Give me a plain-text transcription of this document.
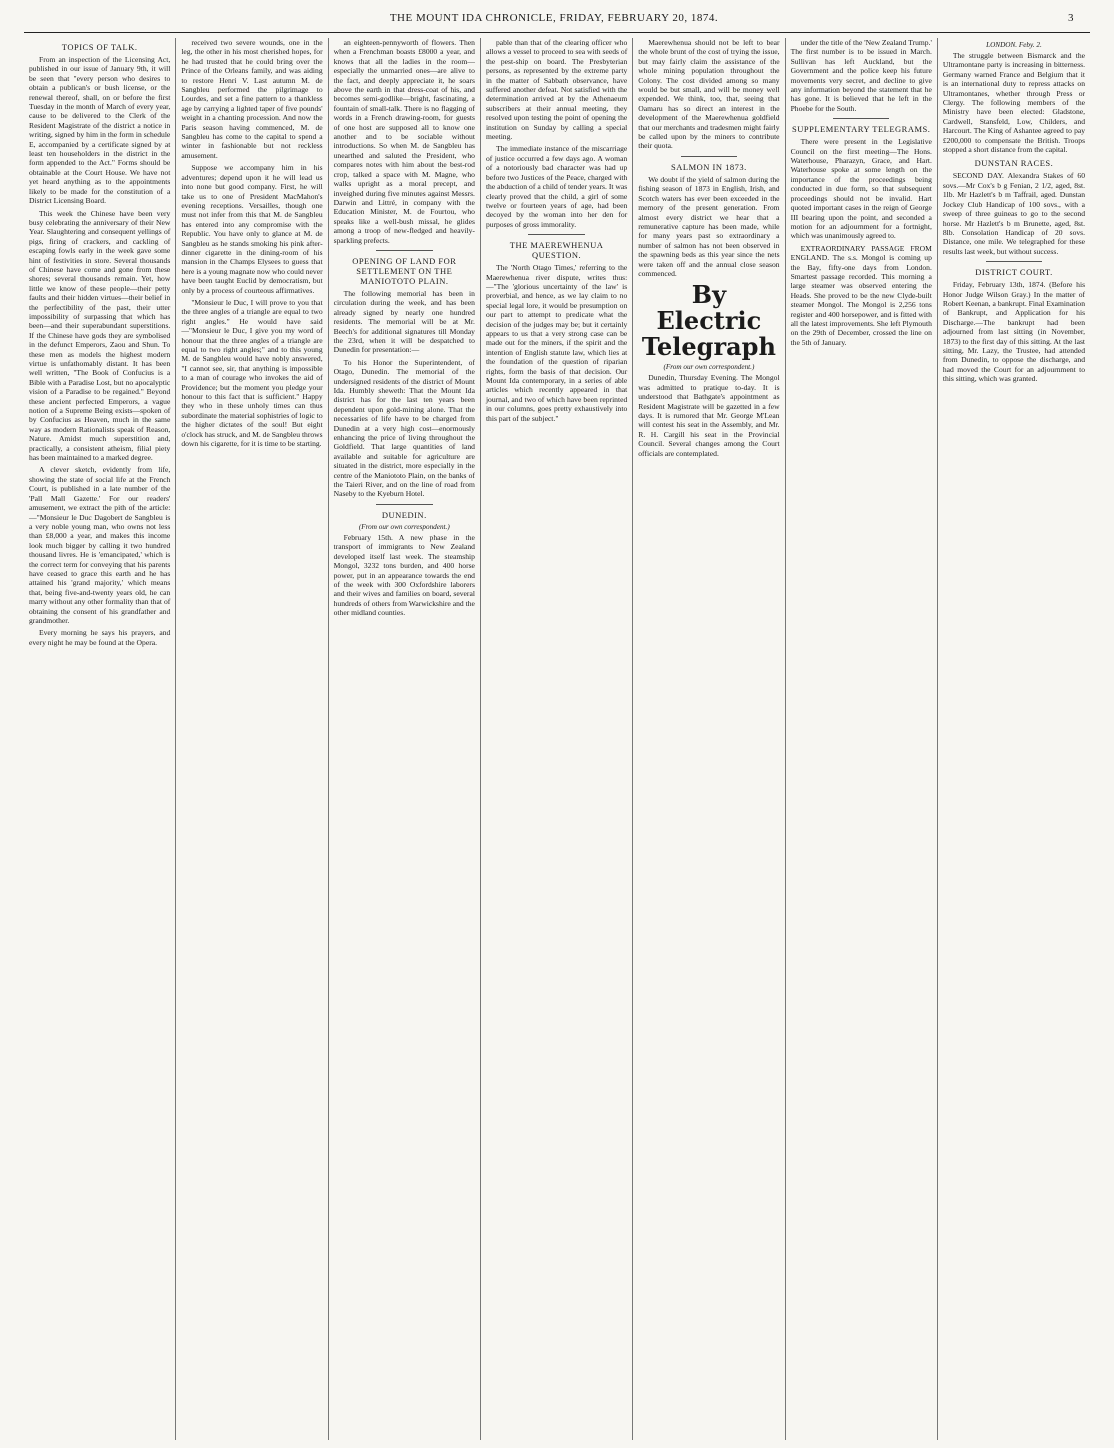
THE MOUNT IDA CHRONICLE, FRIDAY, FEBRUARY 20, 1874.	3
TOPICS OF TALK.

From an inspection of the Licensing Act, published in our issue of January 9th, it will be seen that "every person who desires to obtain a publican's or bush license, or the renewal thereof, shall, on or before the first Tuesday in the month of March of every year, cause to be delivered to the Clerk of the Resident Magistrate of the district a notice in writing, signed by him in the form in schedule E, accompanied by a certificate signed by at least ten householders in the district in the form appended to the Act." Forms should be obtainable at the Court House. We have not yet heard anything as to the appointments likely to be made for the constitution of a District Licensing Board.

This week the Chinese have been very busy celebrating the anniversary of their New Year. Slaughtering and consequent yellings of pigs, firing of crackers, and cackling of escaping fowls early in the week gave some hint of festivities in store. Several thousands of Chinese have come and gone from these shores; several thousands remain. Yet, how little we know of these people—their petty faults and their hidden virtues—their belief in the perfectibility of the past, their utter impossibility of surpassing that which has been—and their superabundant superstitions. If the Chinese have gods they are symbolised in the defunct Emperors, Zaou and Shun. To these men as models the highest modern virtue is unfathomably distant. It has been well written, "The Book of Confucius is a Bible with a Paradise Lost, but no apocalyptic vision of a Paradise to be regained." Beyond these ancient perfected Emperors, a vague notion of a Supreme Being exists—spoken of by Confucius as Heaven, much in the same way as modern Rationalists speak of Reason, Nature. Amidst much superstition and, practically, a consistent atheism, filial piety has been maintained to a marked degree.

A clever sketch, evidently from life, showing the state of social life at the French Court, is published in a late number of the 'Pall Mall Gazette.' For our readers' amusement, we extract the pith of the article:—"Monsieur le Duc Dagobert de Sangbleu is a very noble young man, who owns not less than £8,000 a year, and makes this income look much bigger by calling it two hundred thousand livres. He is 'emancipated,' which is the correct term for conveying that his parents have ceased to grace this earth and he has attained his 'grand majority,' which means that, being five-and-twenty years old, he can marry without any other formality than that of obtaining the consent of his grandfather and grandmother.

Every morning he says his prayers, and every night he may be found at the Opera.

received two severe wounds, one in the leg, the other in his most cherished hopes, for he had trusted that he could bring over the Prince of the Orleans family, and was aiding to restore Henri V. Last autumn M. de Sangbleu performed the pilgrimage to Lourdes, and set a fine pattern to a thankless age by carrying a lighted taper of five pounds' weight in a chanting procession. And now the Paris season having commenced, M. de Sangbleu has come to the capital to spend a winter in fashionable but not reckless amusement.

Suppose we accompany him in his adventures; depend upon it he will lead us into none but good company. First, he will take us to one of President MacMahon's evening receptions. Versailles, though one must not infer from this that M. de Sangbleu has entered into any compromise with the Republic. You have only to glance at M. de Sangbleu as he stands smoking his pink after-dinner cigarette in the dining-room of his mansion in the Champs Elysees to guess that here is a young magnate now who could never have been taught Euclid by democratism, but only by a process of courteous affirmatives.

"Monsieur le Duc, I will prove to you that the three angles of a triangle are equal to two right angles." He would have said—"Monsieur le Duc, I give you my word of honour that the three angles of a triangle are equal to two right angles;" and to this young M. de Sangbleu would have nobly answered, "I cannot see, sir, that anything is impossible to a man of courage who invokes the aid of Providence; but the moment you pledge your honour to this fact that is sufficient." Happy they who in these unholy times can thus subordinate the material sophistries of logic to the higher dictates of the soul! But eight o'clock has struck, and M. de Sangbleu throws down his cigarette, for it is time to be starting.

an eighteen-pennyworth of flowers. Then when a Frenchman boasts £8000 a year, and knows that all the ladies in the room—especially the unmarried ones—are alive to the fact, and deeply appreciate it, he soars above the earth in that dress-coat of his, and becomes semi-godlike—bright, fascinating, a fountain of small-talk. There is no flagging of words in a French drawing-room, for guests of one host are supposed all to know one another and to be sociable without introductions. So when M. de Sangbleu has unearthed and saluted the President, who compares notes with him about the best-rod crop, talked a space with M. Magne, who walks upright as a moral precept, and inveighed during five minutes against Messrs. Darwin and Littré, in company with the Education Minister, M. de Fourtou, who speaks like a well-bush missal, he glides among a troop of new-fledged and heavily-sparkling prefects.

OPENING OF LAND FOR SETTLEMENT ON THE MANIOTOTO PLAIN.

The following memorial has been in circulation during the week, and has been already signed by nearly one hundred residents. The memorial will be at Mr. Beech's for additional signatures till Monday the 23rd, when it will be despatched to Dunedin for presentation:—

To his Honor the Superintendent, of Otago, Dunedin. The memorial of the undersigned residents of the district of Mount Ida. Humbly sheweth: That the Mount Ida district has for the last ten years been dependent upon gold-mining alone. That the necessaries of life have to be charged from Dunedin at a very high cost—enormously enhancing the price of living throughout the Goldfield. That large quantities of land available and suitable for agriculture are situated in the district, more especially in the centre of the Maniototo Plain, on the banks of the Taieri River, and on the line of road from Naseby to the Kyeburn Hotel.

DUNEDIN.
(From our own correspondent.)

February 15th. A new phase in the transport of immigrants to New Zealand developed itself last week. The steamship Mongol, 3232 tons burden, and 400 horse power, put in an appearance towards the end of the week with 300 Oxfordshire laborers and their wives and families on board, several hundreds of others from Warwickshire and the other midland counties.

pable than that of the clearing officer who allows a vessel to proceed to sea with seeds of the pest-ship on board. The Presbyterian persons, as represented by the extreme party in the matter of Sabbath observance, have suffered another defeat. Not satisfied with the determination arrived at by the Athenaeum subscribers at their annual meeting, they resolved upon testing the point of opening the institution on Sunday by calling a special meeting.

The immediate instance of the miscarriage of justice occurred a few days ago. A woman of a notoriously bad character was had up before two Justices of the Peace, charged with the abduction of a child of tender years. It was clearly proved that the child, a girl of some twelve or fourteen years of age, had been decoyed by the woman into her den for purposes of gross immorality.

THE MAEREWHENUA QUESTION.

The 'North Otago Times,' referring to the Maerewhenua river dispute, writes thus:—"The 'glorious uncertainty of the law' is proverbial, and hence, as we lay claim to no special legal lore, it would be presumption on our part to attempt to predicate what the decision of the judges may be; but it certainly appears to us that a very strong case can be made out for the miners, if the spirit and the intention of English statute law, which lies at the foundation of the question of riparian rights, form the basis of that decision. Our Mount Ida contemporary, in a series of able articles which recently appeared in that journal, and two of which have been reprinted in our columns, goes pretty exhaustively into this part of the subject."

Maerewhenua should not be left to bear the whole brunt of the cost of trying the issue, but may fairly claim the assistance of the whole mining population throughout the Colony. The cost divided among so many would be but small, and will be money well expended. We think, too, that, seeing that Oamaru has so direct an interest in the development of the Maerewhenua goldfield that our merchants and tradesmen might fairly be called upon by the miners to contribute their quota.

SALMON IN 1873.

We doubt if the yield of salmon during the fishing season of 1873 in English, Irish, and Scotch waters has ever been exceeded in the memory of the present generation. From almost every district we hear that a remunerative capture has been made, while for many years past so extraordinary a number of salmon has not been observed in the spawning beds as this year since the nets were taken off and the annual close season commenced.

By Electric Telegraph
(From our own correspondent.)

Dunedin, Thursday Evening. The Mongol was admitted to pratique to-day. It is understood that Bathgate's appointment as Resident Magistrate will be gazetted in a few days. It is rumored that Mr. George M'Lean will contest his seat in the Assembly, and Mr. R. H. Cargill his seat in the Provincial Council. Several changes among the Court officials are contemplated.

under the title of the 'New Zealand Trump.' The first number is to be issued in March. Sullivan has left Auckland, but the Government and the police keep his future movements very secret, and decline to give any information beyond the statement that he has gone. It is believed that he left in the Phoebe for the South.

SUPPLEMENTARY TELEGRAMS.

There were present in the Legislative Council on the first meeting—The Hons. Waterhouse, Pharazyn, Grace, and Hart. Waterhouse spoke at some length on the importance of the proceedings being conducted in due form, so that subsequent proceedings should not be invalid. Hart quoted important cases in the reign of George III bearing upon the point, and seconded a motion for an adjournment for a fortnight, which was unanimously agreed to.

EXTRAORDINARY PASSAGE FROM ENGLAND. The s.s. Mongol is coming up the Bay, fifty-one days from London. Smartest passage recorded. This morning a large steamer was observed entering the Heads. She proved to be the new Clyde-built steamer Mongol. The Mongol is 2,256 tons register and 400 horsepower, and is fitted with all the latest improvements. She left Plymouth on the 29th of December, crossed the line on the 5th of January.

LONDON. Feby. 2.

The struggle between Bismarck and the Ultramontane party is increasing in bitterness. Germany warned France and Belgium that it is an international duty to repress attacks on Ultramontanes, whether through Press or Clergy. The following members of the Ministry have been elected: Gladstone, Cardwell, Stansfeld, Low, Childers, and Harcourt. The King of Ashantee agreed to pay £200,000 to compensate the British. Troops stopped a short distance from the capital.

DUNSTAN RACES.

SECOND DAY. Alexandra Stakes of 60 sovs.—Mr Cox's b g Fenian, 2 1/2, aged, 8st. 1lb. Mr Hazlett's b m Taffrail, aged. Dunstan Jockey Club Handicap of 100 sovs., with a sweep of three guineas to go to the second horse. Mr Hazlett's b m Brunette, aged, 8st. 8lb. Consolation Handicap of 20 sovs. Distance, one mile. We telegraphed for these results last week, but without success.

DISTRICT COURT.

Friday, February 13th, 1874. (Before his Honor Judge Wilson Gray.) In the matter of Robert Keenan, a bankrupt. Final Examination of Bankrupt, and Application for his Discharge.—The bankrupt had been adjourned from last sitting (in November, 1873) to the first day of this sitting. At the last sitting, Mr. Lazy, the Trustee, had attended from Dunedin, to oppose the discharge, and had moved the Court for an adjournment to this sitting, which was granted.
